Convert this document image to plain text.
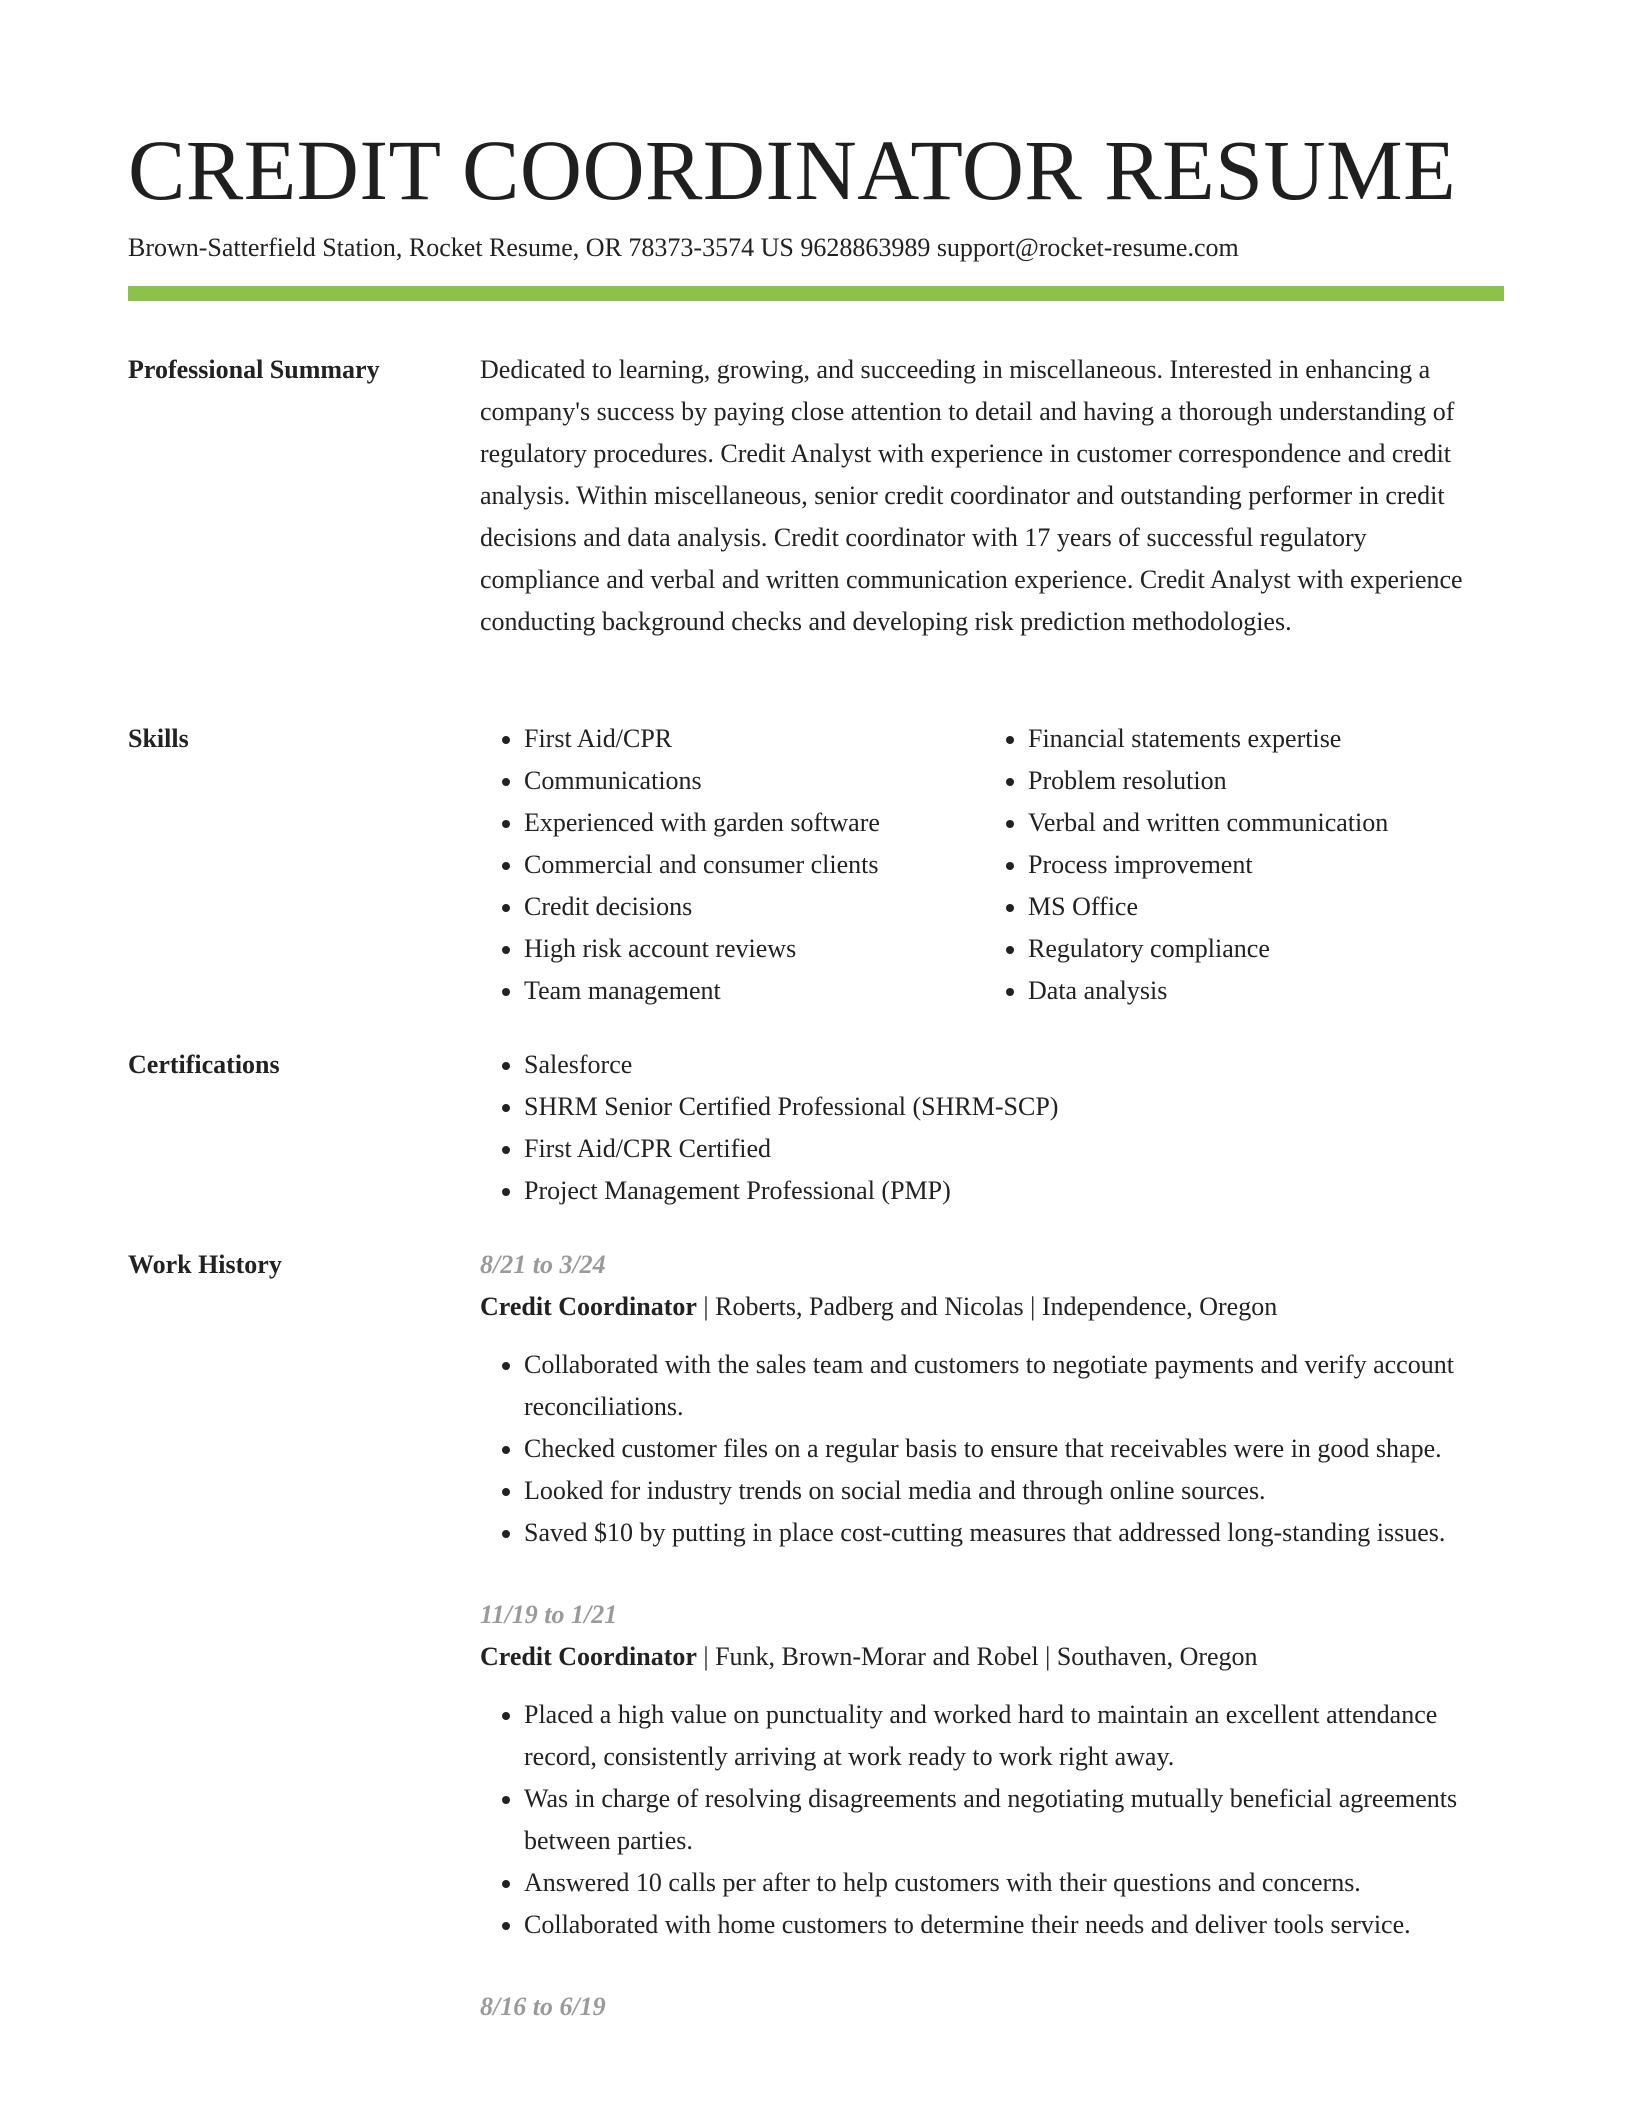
CREDIT COORDINATOR RESUME
Brown-Satterfield Station, Rocket Resume, OR 78373-3574 US 9628863989 support@rocket-resume.com
Professional Summary	Dedicated to learning, growing, and succeeding in miscellaneous. Interested in enhancing a company's success by paying close attention to detail and having a thorough understanding of regulatory procedures. Credit Analyst with experience in customer correspondence and credit analysis. Within miscellaneous, senior credit coordinator and outstanding performer in credit decisions and data analysis. Credit coordinator with 17 years of successful regulatory compliance and verbal and written communication experience. Credit Analyst with experience conducting background checks and developing risk prediction methodologies.

Skills	• First Aid/CPR
• Communications
• Experienced with garden software
• Commercial and consumer clients
• Credit decisions
• High risk account reviews
• Team management
• Financial statements expertise
• Problem resolution
• Verbal and written communication
• Process improvement
• MS Office
• Regulatory compliance
• Data analysis
Certifications	• Salesforce
• SHRM Senior Certified Professional (SHRM-SCP)
• First Aid/CPR Certified
• Project Management Professional (PMP)
Work History	8/21 to 3/24
Credit Coordinator | Roberts, Padberg and Nicolas | Independence, Oregon
• Collaborated with the sales team and customers to negotiate payments and verify account reconciliations.
• Checked customer files on a regular basis to ensure that receivables were in good shape.
• Looked for industry trends on social media and through online sources.
• Saved $10 by putting in place cost-cutting measures that addressed long-standing issues.
11/19 to 1/21
Credit Coordinator | Funk, Brown-Morar and Robel | Southaven, Oregon
• Placed a high value on punctuality and worked hard to maintain an excellent attendance record, consistently arriving at work ready to work right away.
• Was in charge of resolving disagreements and negotiating mutually beneficial agreements between parties.
• Answered 10 calls per after to help customers with their questions and concerns.
• Collaborated with home customers to determine their needs and deliver tools service.
8/16 to 6/19
